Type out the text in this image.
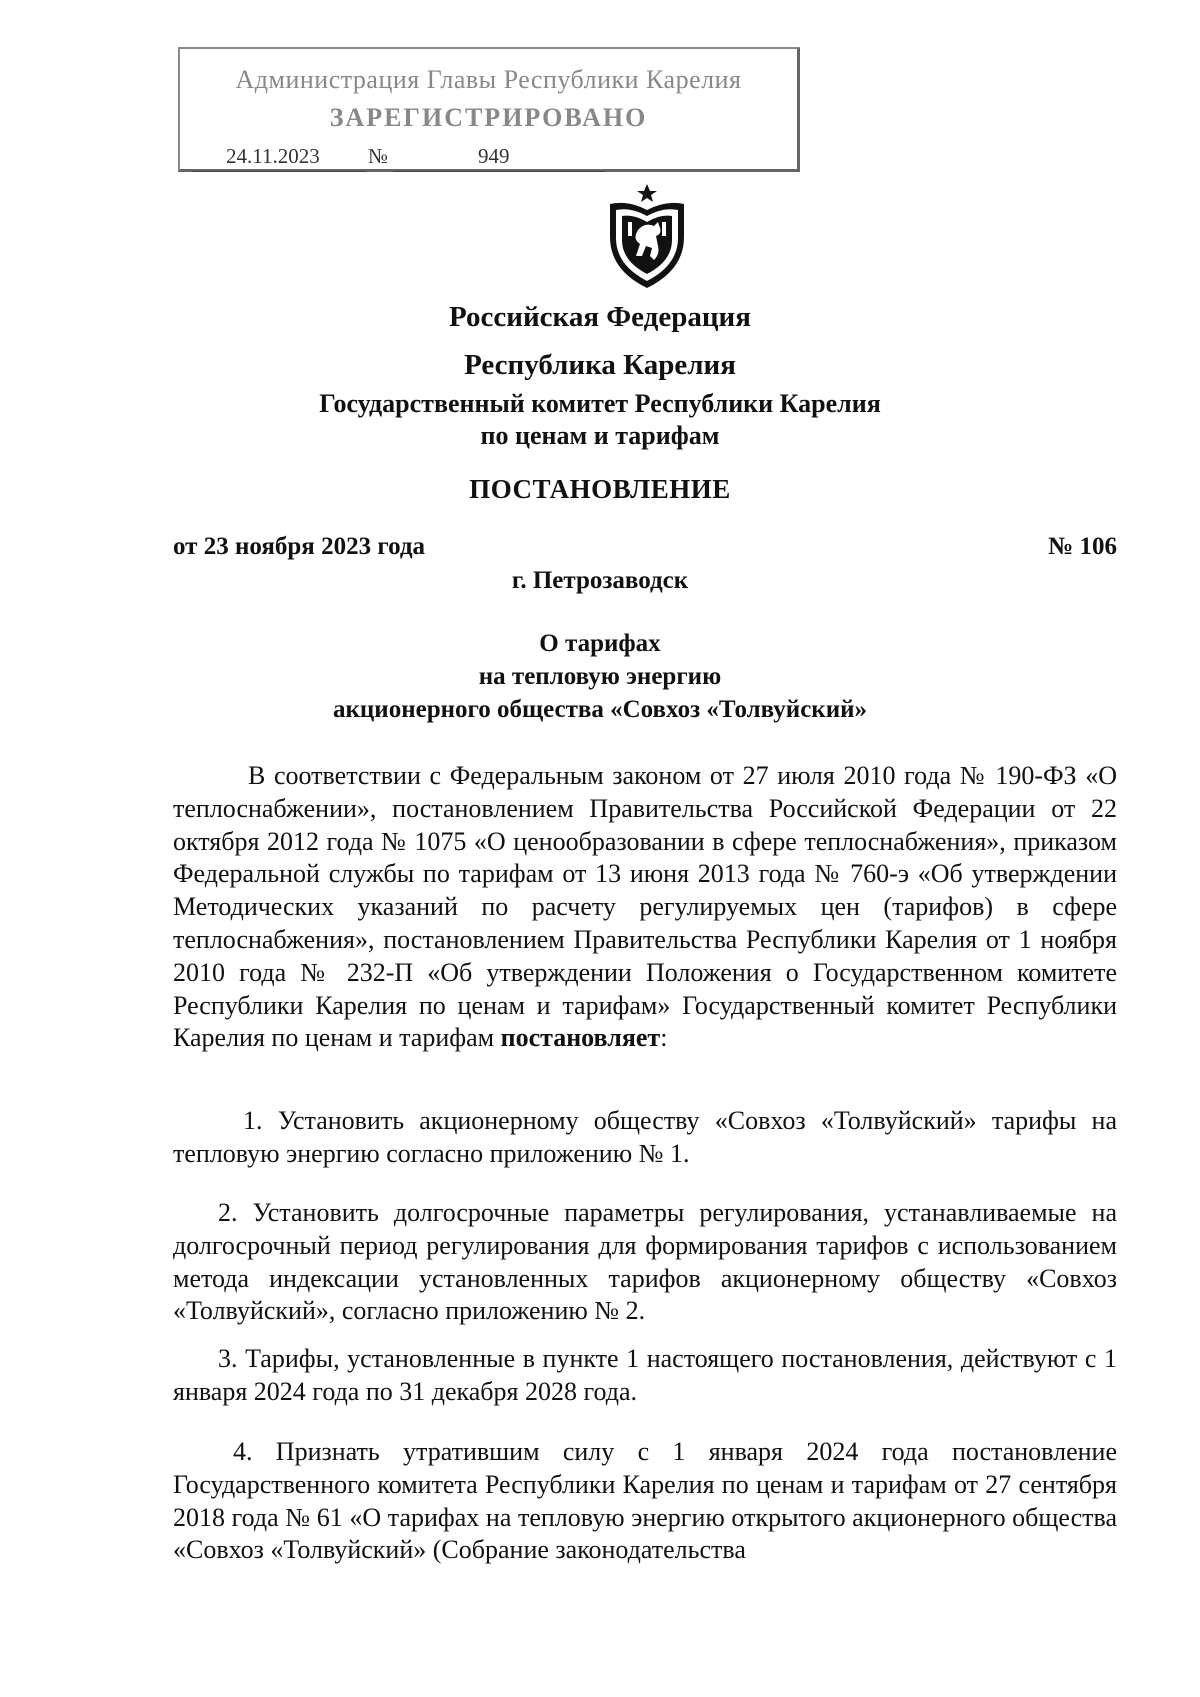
Администрация Главы Республики Карелия
ЗАРЕГИСТРИРОВАНО
24.11.2023 №	949
Российская Федерация
Республика Карелия
Государственный комитет Республики Карелия
по ценам и тарифам
ПОСТАНОВЛЕНИЕ
от 23 ноября 2023 года	№ 106
г. Петрозаводск
О тарифах
на тепловую энергию
акционерного общества «Совхоз «Толвуйский»

В соответствии с Федеральным законом от 27 июля 2010 года № 190-ФЗ «О теплоснабжении», постановлением Правительства Российской Федерации от 22 октября 2012 года № 1075 «О ценообразовании в сфере теплоснабжения», приказом Федеральной службы по тарифам от 13 июня 2013 года № 760-э «Об утверждении Методических указаний по расчету регулируемых цен (тарифов) в сфере теплоснабжения», постановлением Правительства Республики Карелия от 1 ноября 2010 года № 232-П «Об утверждении Положения о Государственном комитете Республики Карелия по ценам и тарифам» Государственный комитет Республики Карелия по ценам и тарифам постановляет:

1. Установить акционерному обществу «Совхоз «Толвуйский» тарифы на тепловую энергию согласно приложению № 1.

2. Установить долгосрочные параметры регулирования, устанавливаемые на долгосрочный период регулирования для формирования тарифов с использованием метода индексации установленных тарифов акционерному обществу «Совхоз «Толвуйский», согласно приложению № 2.

3. Тарифы, установленные в пункте 1 настоящего постановления, действуют с 1 января 2024 года по 31 декабря 2028 года.

4. Признать утратившим силу с 1 января 2024 года постановление Государственного комитета Республики Карелия по ценам и тарифам от 27 сентября 2018 года № 61 «О тарифах на тепловую энергию открытого акционерного общества «Совхоз «Толвуйский» (Собрание законодательства
